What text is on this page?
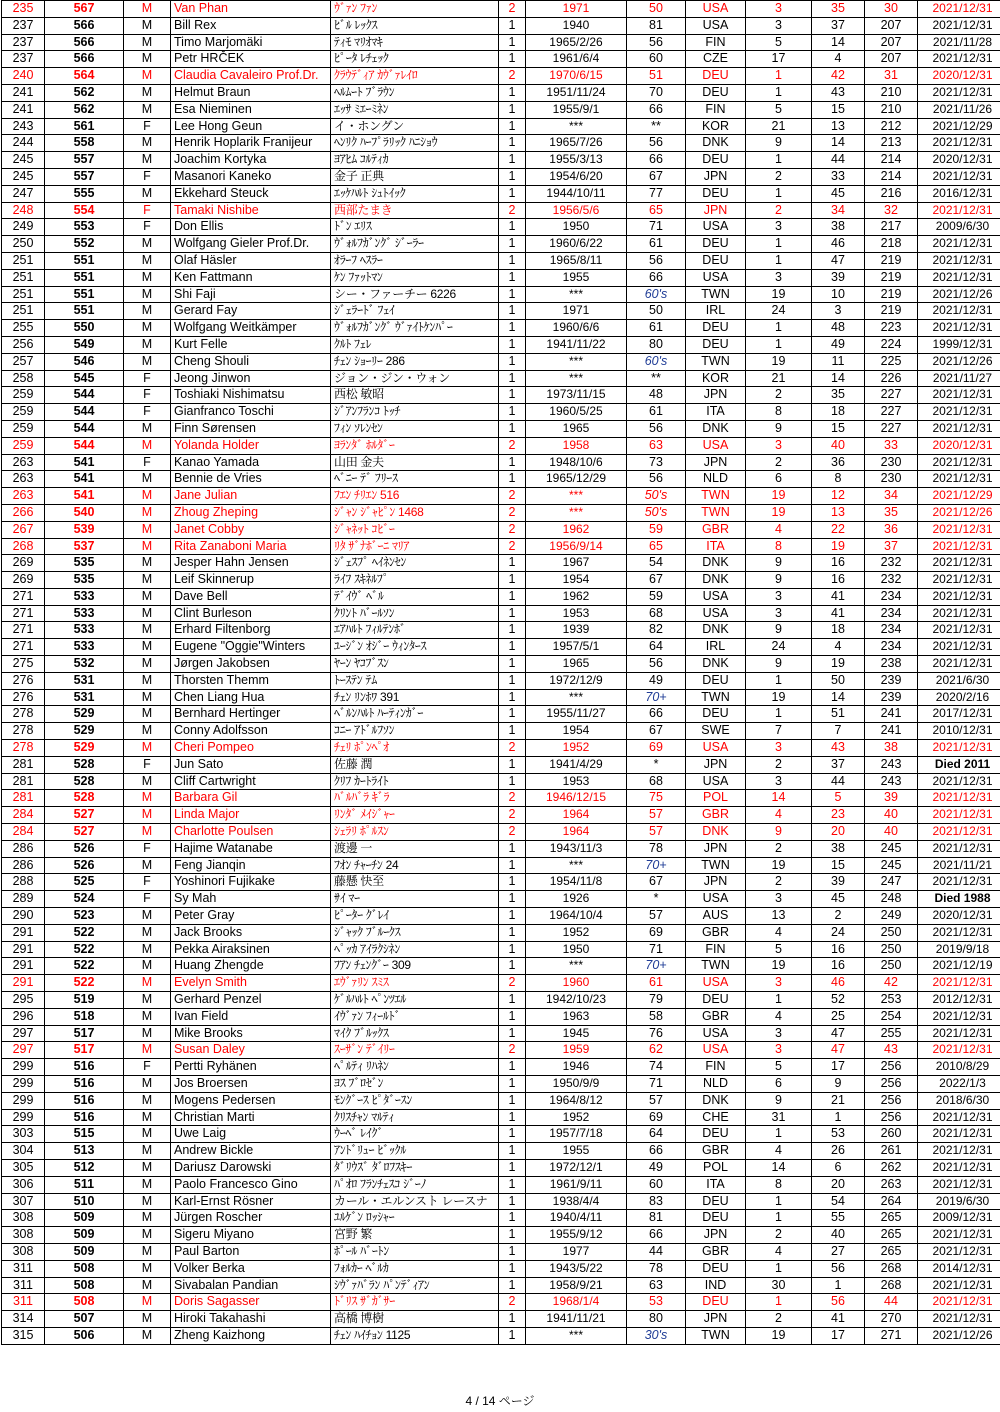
235	567	M	Van Phan	ｳﾞｧﾝ ﾌｧﾝ	2	1971	50	USA	3	35	30	2021/12/31
237	566	M	Bill Rex	ﾋﾞﾙ ﾚｯｸｽ	1	1940	81	USA	3	37	207	2021/12/31
237	566	M	Timo Marjomäki	ﾃｨﾓ ﾏﾘｵﾏｷ	1	1965/2/26	56	FIN	5	14	207	2021/11/28
237	566	M	Petr HRČEK	ﾋﾟｰﾀ ﾚﾁｪｯｸ	1	1961/6/4	60	CZE	17	4	207	2021/12/31
240	564	M	Claudia Cavaleiro Prof.Dr.	ｸﾗｳﾃﾞｨｱ ｶｳﾞｧﾚｲﾛ	2	1970/6/15	51	DEU	1	42	31	2020/12/31
241	562	M	Helmut Braun	ﾍﾙﾑｰﾄ ﾌﾞﾗｳﾝ	1	1951/11/24	70	DEU	1	43	210	2021/12/31
241	562	M	Esa Nieminen	ｴｯｻ ﾐｴｰﾐﾈﾝ	1	1955/9/1	66	FIN	5	15	210	2021/11/26
243	561	F	Lee Hong Geun	イ・ホングン	1	***	**	KOR	21	13	212	2021/12/29
244	558	M	Henrik Hoplarik Franijeur	ﾍﾝﾘｸ ﾊｰﾌﾟﾗﾘｯｸ ﾊﾆｼｮｳ	1	1965/7/26	56	DNK	9	14	213	2021/12/31
245	557	M	Joachim Kortyka	ﾖｱﾋﾑ ｺﾙﾃｨｶ	1	1955/3/13	66	DEU	1	44	214	2020/12/31
245	557	F	Masanori Kaneko	金子 正典	1	1954/6/20	67	JPN	2	33	214	2021/12/31
247	555	M	Ekkehard Steuck	ｴｯｹﾊﾙﾄ ｼｭﾄｲｯｸ	1	1944/10/11	77	DEU	1	45	216	2016/12/31
248	554	F	Tamaki Nishibe	西部たまき	2	1956/5/6	65	JPN	2	34	32	2021/12/31
249	553	F	Don Ellis	ﾄﾞﾝ ｴﾘｽ	1	1950	71	USA	3	38	217	2009/6/30
250	552	M	Wolfgang Gieler Prof.Dr.	ｳﾞｫﾙﾌｶﾞﾝｸﾞ ｼﾞｰﾗｰ	1	1960/6/22	61	DEU	1	46	218	2021/12/31
251	551	M	Olaf Häsler	ｵﾗｰﾌ ﾍｽﾗｰ	1	1965/8/11	56	DEU	1	47	219	2021/12/31
251	551	M	Ken Fattmann	ｹﾝ ﾌｧｯﾄﾏﾝ	1	1955	66	USA	3	39	219	2021/12/31
251	551	M	Shi Faji	シー・ファーチー 6226	1	***	60's	TWN	19	10	219	2021/12/26
251	551	M	Gerard Fay	ｼﾞｪﾗｰﾄﾞ ﾌｪｲ	1	1971	50	IRL	24	3	219	2021/12/31
255	550	M	Wolfgang Weitkämper	ｳﾞｫﾙﾌｶﾞﾝｸﾞ ｳﾞｧｲﾄｹﾝﾊﾟｰ	1	1960/6/6	61	DEU	1	48	223	2021/12/31
256	549	M	Kurt Felle	ｸﾙﾄ ﾌｪﾚ	1	1941/11/22	80	DEU	1	49	224	1999/12/31
257	546	M	Cheng Shouli	ﾁｪﾝ ｼｮｰﾘｰ 286	1	***	60's	TWN	19	11	225	2021/12/26
258	545	F	Jeong Jinwon	ジョン・ジン・ウォン	1	***	**	KOR	21	14	226	2021/11/27
259	544	F	Toshiaki Nishimatsu	西松 敏昭	1	1973/11/15	48	JPN	2	35	227	2021/12/31
259	544	F	Gianfranco Toschi	ｼﾞｱﾝﾌﾗﾝｺ ﾄｯﾁ	1	1960/5/25	61	ITA	8	18	227	2021/12/31
259	544	M	Finn Sørensen	ﾌｨﾝ ｿﾚﾝｾﾝ	1	1965	56	DNK	9	15	227	2021/12/31
259	544	M	Yolanda Holder	ﾖﾗﾝﾀﾞ ﾎﾙﾀﾞｰ	2	1958	63	USA	3	40	33	2020/12/31
263	541	F	Kanao Yamada	山田 金夫	1	1948/10/6	73	JPN	2	36	230	2021/12/31
263	541	M	Bennie de Vries	ﾍﾞﾆｰ ﾃﾞ ﾌﾘｰｽ	1	1965/12/29	56	NLD	6	8	230	2021/12/31
263	541	M	Jane Julian	ﾌｴﾝ ﾁﾘｴﾝ 516	2	***	50's	TWN	19	12	34	2021/12/29
266	540	M	Zhoug Zheping	ｼﾞｬﾝ ｼﾞｬﾋﾟﾝ 1468	2	***	50's	TWN	19	13	35	2021/12/26
267	539	M	Janet Cobby	ｼﾞｬﾈｯﾄ ｺﾋﾞｰ	2	1962	59	GBR	4	22	36	2021/12/31
268	537	M	Rita Zanaboni Maria	ﾘﾀ ｻﾞﾅﾎﾞｰﾆ ﾏﾘｱ	2	1956/9/14	65	ITA	8	19	37	2021/12/31
269	535	M	Jesper Hahn Jensen	ｼﾞｪｽﾌﾟ ﾍｲﾈﾝｾﾝ	1	1967	54	DNK	9	16	232	2021/12/31
269	535	M	Leif Skinnerup	ﾗｲﾌ ｽｷﾈﾙﾌﾟ	1	1954	67	DNK	9	16	232	2021/12/31
271	533	M	Dave Bell	ﾃﾞｲｳﾞ ﾍﾞﾙ	1	1962	59	USA	3	41	234	2021/12/31
271	533	M	Clint Burleson	ｸﾘﾝﾄ ﾊﾞｰﾙｿﾝ	1	1953	68	USA	3	41	234	2021/12/31
271	533	M	Erhard Filtenborg	ｴｱﾊﾙﾄ ﾌｨﾙﾃﾝﾎﾞ	1	1939	82	DNK	9	18	234	2021/12/31
271	533	M	Eugene "Oggie"Winters	ﾕｰｼﾞﾝ ｵｼﾞｰ ｳｨﾝﾀｰｽ	1	1957/5/1	64	IRL	24	4	234	2021/12/31
275	532	M	Jørgen Jakobsen	ﾔｰﾝ ﾔｺﾌﾞｽﾝ	1	1965	56	DNK	9	19	238	2021/12/31
276	531	M	Thorsten Themm	ﾄｰｽﾃﾝ ﾃﾑ	1	1972/12/9	49	DEU	1	50	239	2021/6/30
276	531	M	Chen Liang Hua	ﾁｪﾝ ﾘﾝﾎﾜ 391	1	***	70+	TWN	19	14	239	2020/2/16
278	529	M	Bernhard Hertinger	ﾍﾞﾙﾝﾊﾙﾄ ﾊｰﾃｨﾝｶﾞｰ	1	1955/11/27	66	DEU	1	51	241	2017/12/31
278	529	M	Conny Adolfsson	ｺﾆｰ ｱﾄﾞﾙﾌｿﾝ	1	1954	67	SWE	7	7	241	2010/12/31
278	529	M	Cheri Pompeo	ﾁｪﾘ ﾎﾟﾝﾍﾟｵ	2	1952	69	USA	3	43	38	2021/12/31
281	528	F	Jun Sato	佐藤 潤	1	1941/4/29	*	JPN	2	37	243	Died 2011
281	528	M	Cliff Cartwright	ｸﾘﾌ ｶｰﾄﾗｲﾄ	1	1953	68	USA	3	44	243	2021/12/31
281	528	M	Barbara Gil	ﾊﾞﾙﾊﾞﾗ ｷﾞﾗ	2	1946/12/15	75	POL	14	5	39	2021/12/31
284	527	M	Linda Major	ﾘﾝﾀﾞ ﾒｲｼﾞｬｰ	2	1964	57	GBR	4	23	40	2021/12/31
284	527	M	Charlotte Poulsen	ｼｪﾗﾘ ﾎﾟﾙｽﾝ	2	1964	57	DNK	9	20	40	2021/12/31
286	526	F	Hajime Watanabe	渡邊 一	1	1943/11/3	78	JPN	2	38	245	2021/12/31
286	526	M	Feng Jianqin	ﾌｵﾝ ﾁｬｰﾁﾝ 24	1	***	70+	TWN	19	15	245	2021/11/21
288	525	F	Yoshinori Fujikake	藤懸 快至	1	1954/11/8	67	JPN	2	39	247	2021/12/31
289	524	F	Sy Mah	ｻｲ ﾏｰ	1	1926	*	USA	3	45	248	Died 1988
290	523	M	Peter Gray	ﾋﾟｰﾀｰ ｸﾞﾚｲ	1	1964/10/4	57	AUS	13	2	249	2020/12/31
291	522	M	Jack Brooks	ｼﾞｬｯｸ ﾌﾞﾙｰｸｽ	1	1952	69	GBR	4	24	250	2021/12/31
291	522	M	Pekka Airaksinen	ﾍﾟｯｶ ｱｲﾗｸｼﾈﾝ	1	1950	71	FIN	5	16	250	2019/9/18
291	522	M	Huang Zhengde	ﾌｱﾝ ﾁｪﾝｸﾞｰ 309	1	***	70+	TWN	19	16	250	2021/12/19
291	522	M	Evelyn Smith	ｴｳﾞｧﾘﾝ ｽﾐｽ	2	1960	61	USA	3	46	42	2021/12/31
295	519	M	Gerhard Penzel	ｹﾞﾙﾊﾙﾄ ﾍﾟﾝﾂｴﾙ	1	1942/10/23	79	DEU	1	52	253	2012/12/31
296	518	M	Ivan Field	ｲｳﾞｧﾝ ﾌｨｰﾙﾄﾞ	1	1963	58	GBR	4	25	254	2021/12/31
297	517	M	Mike Brooks	ﾏｲｸ ﾌﾞﾙｯｸｽ	1	1945	76	USA	3	47	255	2021/12/31
297	517	M	Susan Daley	ｽｰｻﾞﾝ ﾃﾞｲﾘｰ	2	1959	62	USA	3	47	43	2021/12/31
299	516	F	Pertti Ryhänen	ﾍﾟﾙﾃｨ ﾘﾊﾈﾝ	1	1946	74	FIN	5	17	256	2010/8/29
299	516	M	Jos Broersen	ﾖｽ ﾌﾞﾛｾﾞﾝ	1	1950/9/9	71	NLD	6	9	256	2022/1/3
299	516	M	Mogens Pedersen	ﾓﾝｸﾞｰｽ ﾋﾟﾀﾞｰｽﾝ	1	1964/8/12	57	DNK	9	21	256	2018/6/30
299	516	M	Christian Marti	ｸﾘｽﾁｬﾝ ﾏﾙﾃｨ	1	1952	69	CHE	31	1	256	2021/12/31
303	515	M	Uwe Laig	ｳｰﾍﾞ ﾚｲｸﾞ	1	1957/7/18	64	DEU	1	53	260	2021/12/31
304	513	M	Andrew Bickle	ｱﾝﾄﾞﾘｭｰ ﾋﾞｯｸﾙ	1	1955	66	GBR	4	26	261	2021/12/31
305	512	M	Dariusz Darowski	ﾀﾞﾘｳｽﾞ ﾀﾞﾛﾌｽｷｰ	1	1972/12/1	49	POL	14	6	262	2021/12/31
306	511	M	Paolo Francesco Gino	ﾊﾟｵﾛ ﾌﾗﾝﾁｪｽｺ ｼﾞｰﾉ	1	1961/9/11	60	ITA	8	20	263	2021/12/31
307	510	M	Karl-Ernst Rösner	カール・エルンスト レースナ	1	1938/4/4	83	DEU	1	54	264	2019/6/30
308	509	M	Jürgen Roscher	ﾕﾙｹﾞﾝ ﾛｯｼｬｰ	1	1940/4/11	81	DEU	1	55	265	2009/12/31
308	509	M	Sigeru Miyano	宮野 繁	1	1955/9/12	66	JPN	2	40	265	2021/12/31
308	509	M	Paul Barton	ﾎﾟｰﾙ ﾊﾞｰﾄﾝ	1	1977	44	GBR	4	27	265	2021/12/31
311	508	M	Volker Berka	ﾌｫﾙｶｰ ﾍﾞﾙｶ	1	1943/5/22	78	DEU	1	56	268	2014/12/31
311	508	M	Sivabalan Pandian	ｼｳﾞｧﾊﾞﾗﾝ ﾊﾟﾝﾃﾞｨｱﾝ	1	1958/9/21	63	IND	30	1	268	2021/12/31
311	508	M	Doris Sagasser	ﾄﾞﾘｽ ｻﾞｶﾞｻｰ	2	1968/1/4	53	DEU	1	56	44	2021/12/31
314	507	M	Hiroki Takahashi	高橋 博樹	1	1941/11/21	80	JPN	2	41	270	2021/12/31
315	506	M	Zheng Kaizhong	ﾁｪﾝ ﾊｲﾁｮﾝ 1125	1	***	30's	TWN	19	17	271	2021/12/26
4 / 14 ページ
